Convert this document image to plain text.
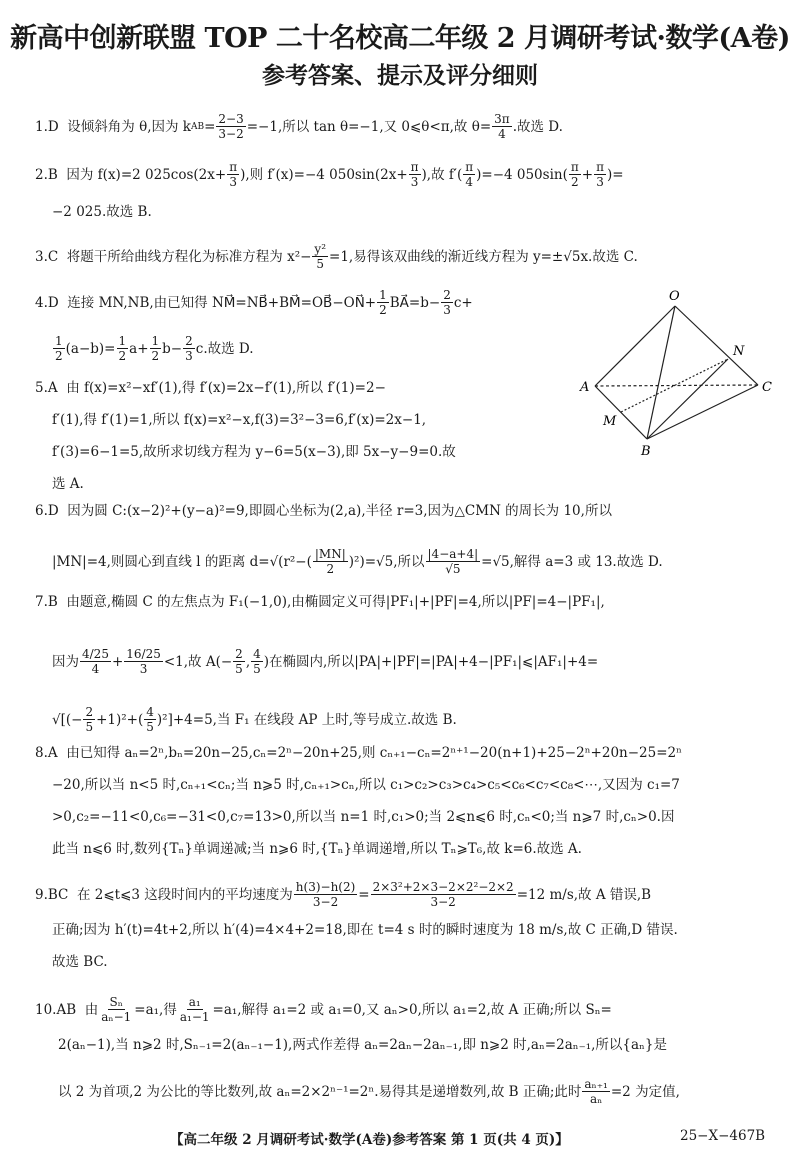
新高中创新联盟 TOP 二十名校高二年级 2 月调研考试·数学(A卷)
参考答案、提示及评分细则
1.D  设倾斜角为 θ,因为 k AB = $\frac{2-3}{3-2} =-1$,所以 tan θ=−1,又 0⩽θ<π,故 $\theta= \frac{3\pi}{4}$ .故选 D.
2.B  因为 f(x)=2 $025\cos(2x+ \frac{\pi}{3}$ ),则 f′(x)=−4 $050\sin(2x+ \frac{\pi}{3}$ ),故 $f'( \frac{\pi}{4} )=-4$ $050\sin( \frac{\pi}{2} + \frac{\pi}{3}$ )=
−2 025.故选 B.
3.C  将题干所给曲线方程化为标准方程为 $x^2- \frac{\text{y²}}{5} =1$,易得该双曲线的渐近线方程为 y=±√5x.故选 C.
4.D  连接 MN,NB,由已知得 NM⃗=NB⃗+BM⃗=OB⃗−ON⃗+ $\frac{1}{2}$ BA⃗=b− $\frac{2}{3} c+$
$\frac{1}{2} (a-b)= \frac{1}{2} a+ \frac{1}{2} b- \frac{2}{3} c$.故选 D.
5.A  由 f(x)=x²−xf′(1),得 f′(x)=2x−f′(1),所以 f′(1)=2−
f′(1),得 f′(1)=1,所以 f(x)=x²−x,f(3)=3²−3=6,f′(x)=2x−1,
f′(3)=6−1=5,故所求切线方程为 y−6=5(x−3),即 5x−y−9=0.故
选 A.
6.D  因为圆 C:(x−2)²+(y−a)²=9,即圆心坐标为(2,a),半径 r=3,因为△CMN 的周长为 10,所以
|MN|=4,则圆心到直线 l 的距离 $d=√(r^2-( \frac{|MN|}{2} )^2)=√5$,所以 $\frac{|4-a+4|}{√5} =√5$,解得 a=3 或 13.故选 D.
7.B  由题意,椭圆 C 的左焦点为 F₁(−1,0),由椭圆定义可得|PF₁|+|PF|=4,所以|PF|=4−|PF₁|,
因为 $\frac{4/25}{4} + \frac{16/25}{3} <1$,故 $A(- \frac{2}{5}$ , $\frac{4}{5}$ )在椭圆内,所以|PA|+|PF|=|PA|+4−|PF₁|⩽|AF₁|+4=
√[(− $\frac{2}{5} +1)^2+( \frac{4}{5} )^2]+4=5$,当 F₁ 在线段 AP 上时,等号成立.故选 B.
8.A  由已知得 aₙ=2ⁿ,bₙ=20n−25,cₙ=2ⁿ−20n+25,则 cₙ₊₁−cₙ=2ⁿ⁺¹−20(n+1)+25−2ⁿ+20n−25=2ⁿ
−20,所以当 n<5 时,cₙ₊₁<cₙ;当 n⩾5 时,cₙ₊₁>cₙ,所以 c₁>c₂>c₃>c₄>c₅<c₆<c₇<c₈<⋯,又因为 c₁=7
>0,c₂=−11<0,c₆=−31<0,c₇=13>0,所以当 n=1 时,c₁>0;当 2⩽n⩽6 时,cₙ<0;当 n⩾7 时,cₙ>0.因
此当 n⩽6 时,数列{Tₙ}单调递减;当 n⩾6 时,{Tₙ}单调递增,所以 Tₙ⩾T₆,故 k=6.故选 A.
9.BC  在 2⩽t⩽3 这段时间内的平均速度为 $\frac{h(3)-h(2)}{3-2} = \frac{\text{2×3²+2×3−2×2²−2×2}}{3-2} =12$ m/s,故 A 错误,B
正确;因为 h′(t)=4t+2,所以 h′(4)=4×4+2=18,即在 t=4 s 时的瞬时速度为 18 m/s,故 C 正确,D 错误.
故选 BC.
10.AB  由 $\frac{\text{Sₙ}}{\text{aₙ−1}} =a_1$,得 $\frac{\text{a₁}}{\text{a₁−1}} =a_1$,解得 a₁=2 或 a₁=0,又 aₙ>0,所以 a₁=2,故 A 正确;所以 Sₙ=
2(aₙ−1),当 n⩾2 时,Sₙ₋₁=2(aₙ₋₁−1),两式作差得 aₙ=2aₙ−2aₙ₋₁,即 n⩾2 时,aₙ=2aₙ₋₁,所以{aₙ}是
以 2 为首项,2 为公比的等比数列,故 aₙ=2×2ⁿ⁻¹=2ⁿ.易得其是递增数列,故 B 正确;此时 $\frac{\text{aₙ₊₁}}{\text{aₙ}} =2$ 为定值,
O
A	C
N
M
B
【高二年级 2 月调研考试·数学(A卷)参考答案 第 1 页(共 4 页)】	25−X−467B
